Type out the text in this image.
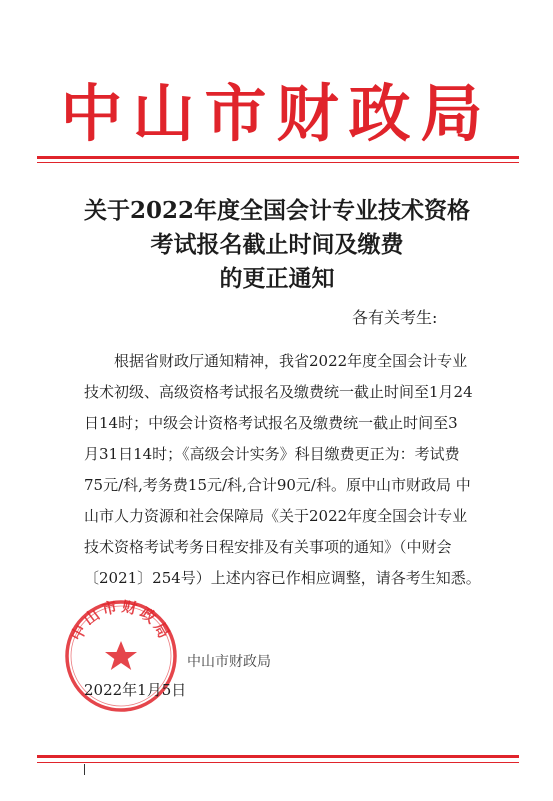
中山市财政局
关于2022年度全国会计专业技术资格
考试报名截止时间及缴费
的更正通知
各有关考生:
根据省财政厅通知精神，我省2022年度全国会计专业
技术初级、高级资格考试报名及缴费统一截止时间至1月24
日14时；中级会计资格考试报名及缴费统一截止时间至3
月31日14时；《高级会计实务》科目缴费更正为：考试费
75元/科,考务费15元/科,合计90元/科。原中山市财政局 中
山市人力资源和社会保障局《关于2022年度全国会计专业
技术资格考试考务日程安排及有关事项的通知》（中财会
〔2021〕254号）上述内容已作相应调整，请各考生知悉。
中山市财政局
中山市财政局
2022年1月5日
